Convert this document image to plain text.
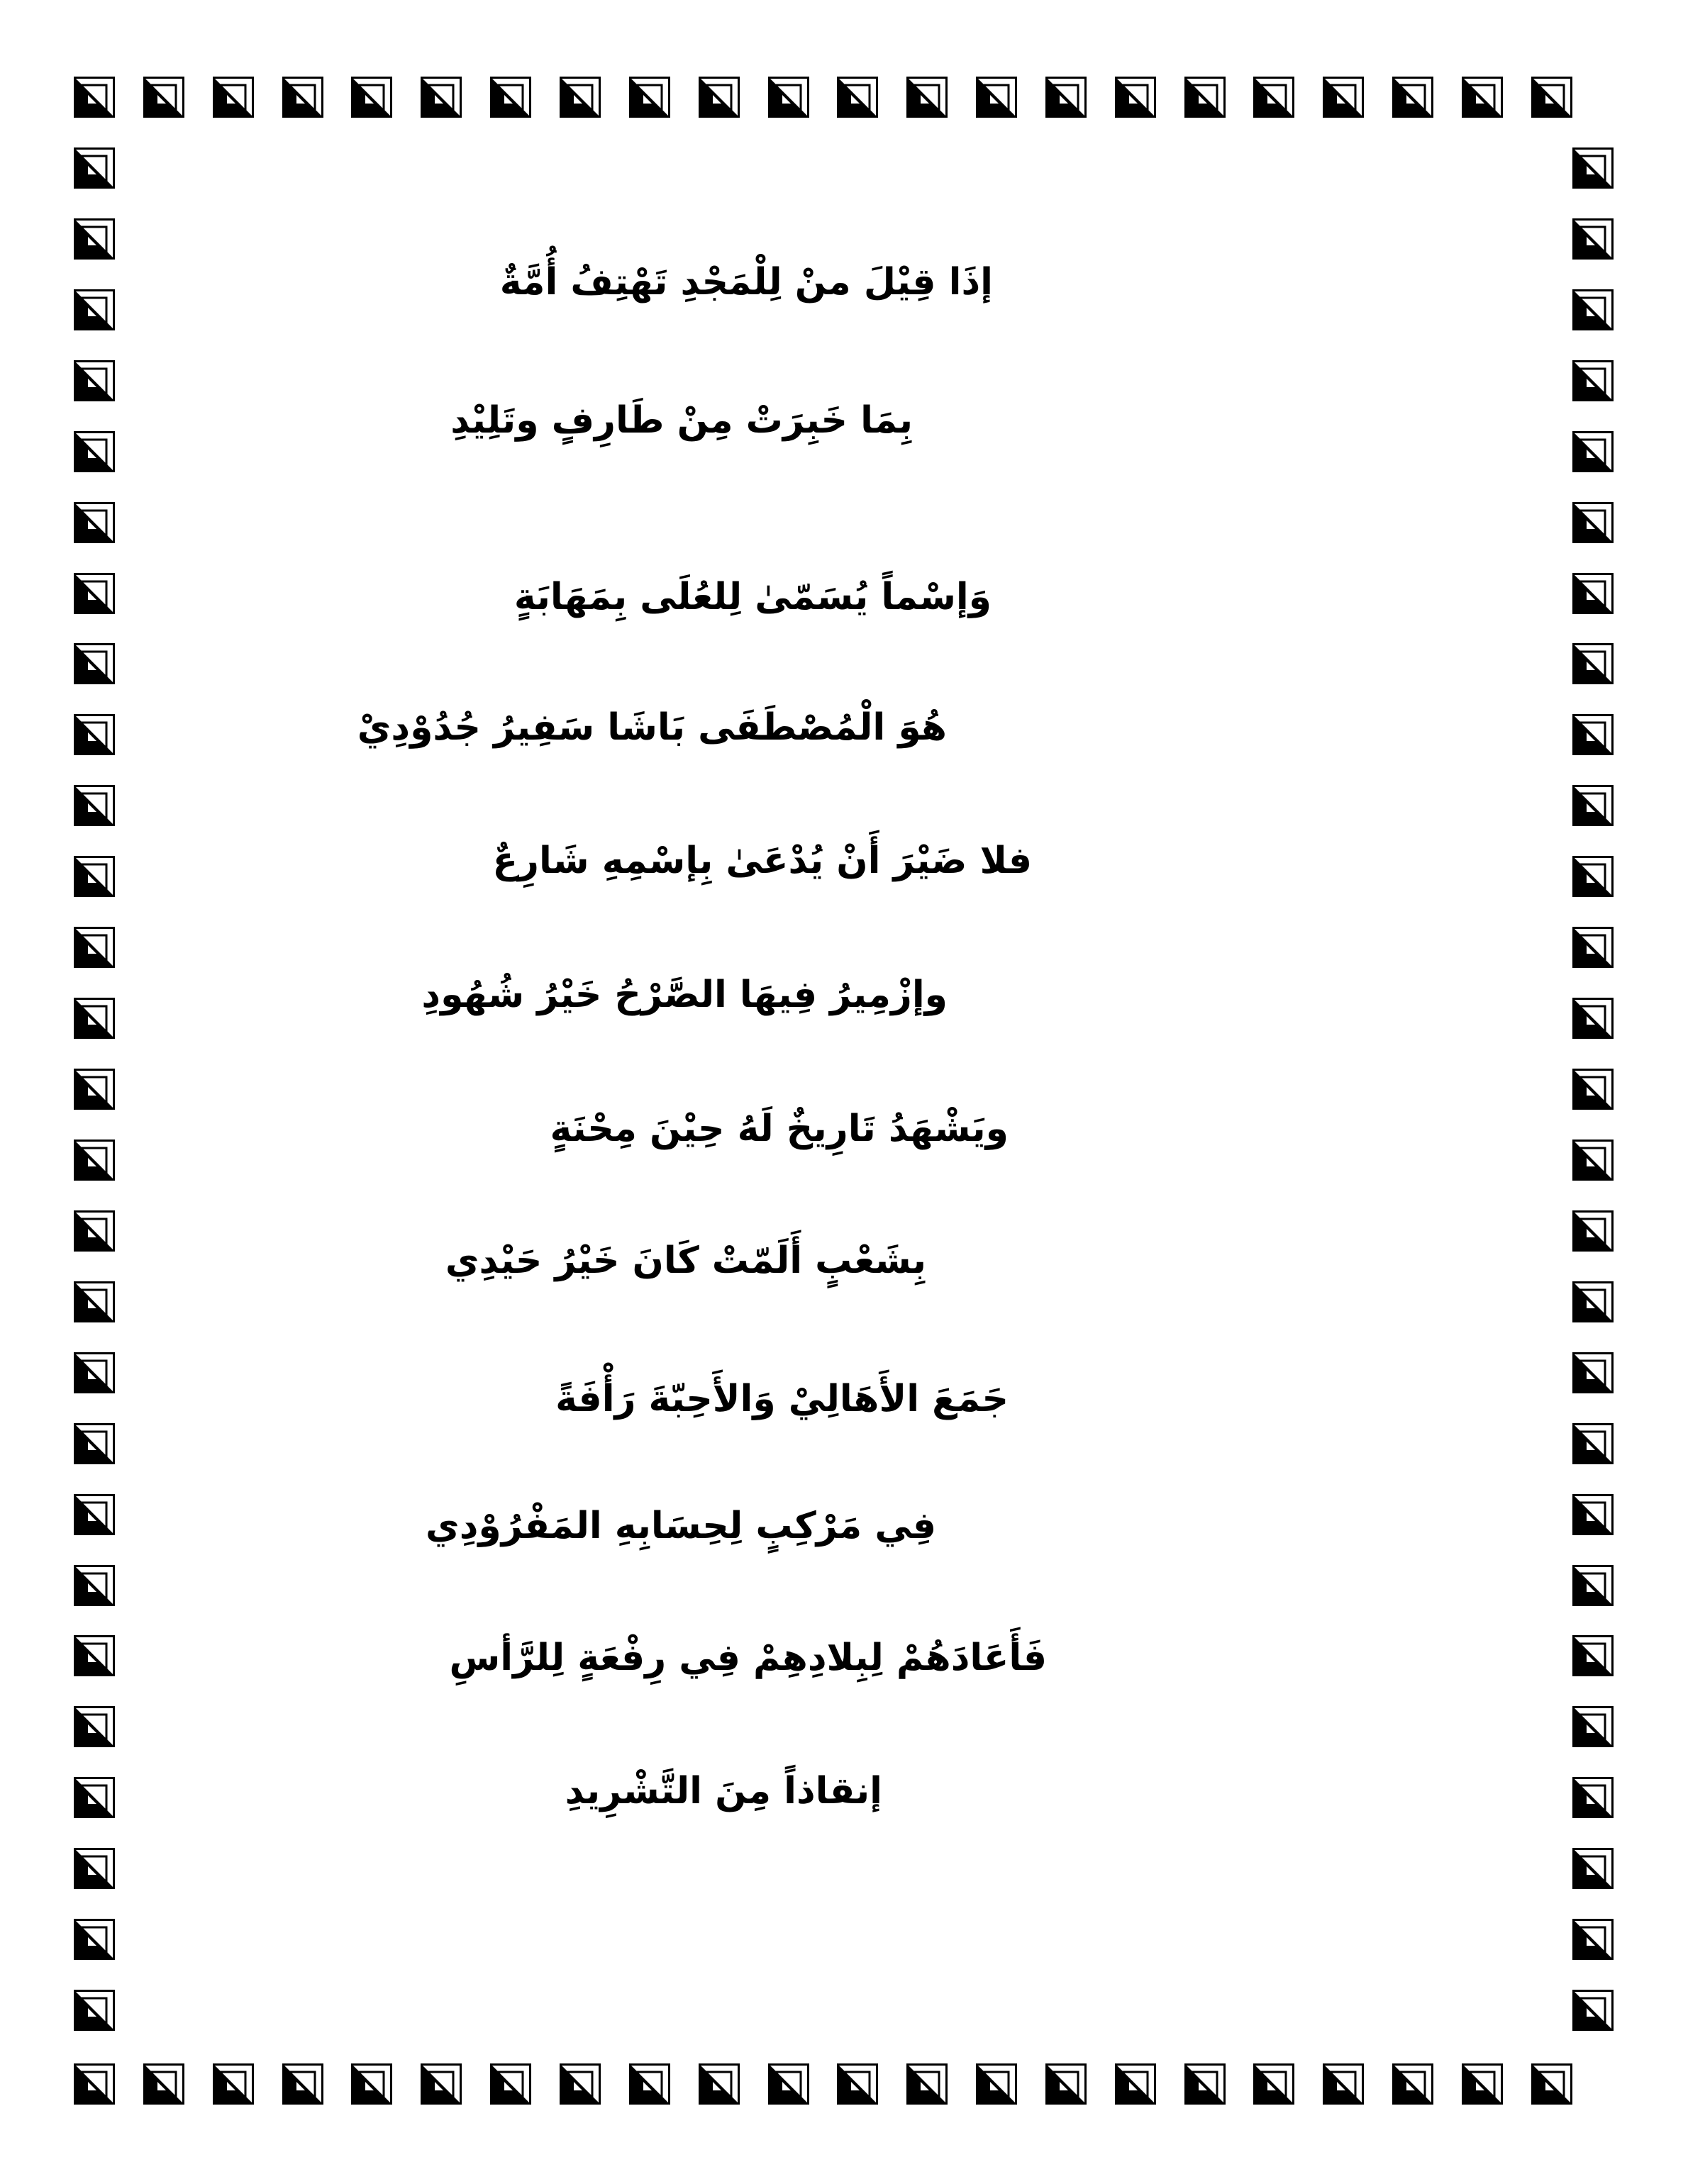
إذَا قِيْلَ منْ لِلْمَجْدِ تَهْتِفُ أُمَّةٌ
بِمَا خَبِرَتْ مِنْ طَارِفٍ وتَلِيْدِ
وَإسْماً يُسَمّىٰ لِلعُلَى بِمَهَابَةٍ
هُوَ الْمُصْطَفَى بَاشَا سَفِيرُ جُدُوْدِيْ
فلا ضَيْرَ أَنْ يُدْعَىٰ بِإسْمِهِ شَارِعٌ
وإزْمِيرُ فِيهَا الصَّرْحُ خَيْرُ شُهُودِ
ويَشْهَدُ تَارِيخٌ لَهُ حِيْنَ مِحْنَةٍ
بِشَعْبٍ أَلَمّتْ كَانَ خَيْرُ حَيْدِي
جَمَعَ الأَهَالِيْ وَالأَحِبّةَ رَأْفَةً
فِي مَرْكِبٍ لِحِسَابِهِ المَفْرُوْدِي
فَأَعَادَهُمْ لِبِلادِهِمْ فِي رِفْعَةٍ لِلرَّأسِ
إنقاذاً مِنَ التَّشْرِيدِ
